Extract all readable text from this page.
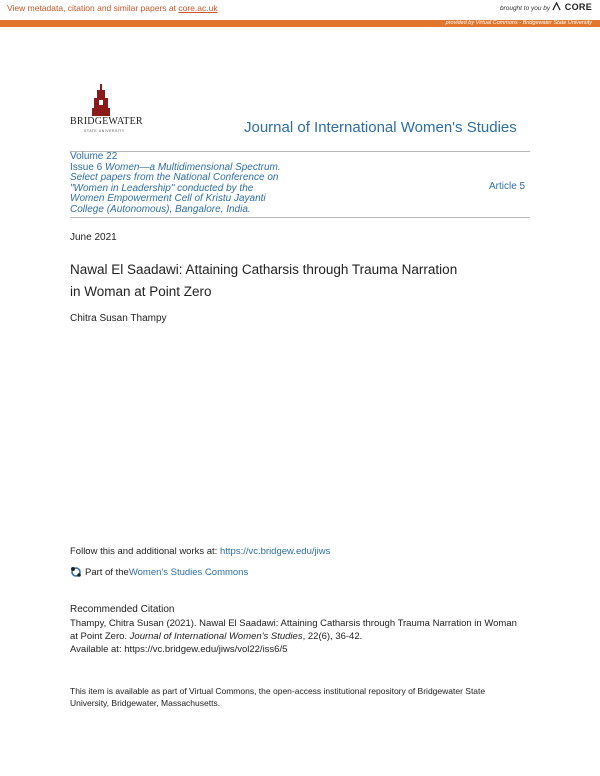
View metadata, citation and similar papers at core.ac.uk	brought to you by CORE
provided by Virtual Commons - Bridgewater State University
BRIDGEWATER
STATE UNIVERSITY	Journal of International Women's Studies
Volume 22
Issue 6 Women—a Multidimensional Spectrum.
Select papers from the National Conference on
"Women in Leadership" conducted by the
Women Empowerment Cell of Kristu Jayanti
College (Autonomous), Bangalore, India.
Article 5
June 2021
Nawal El Saadawi: Attaining Catharsis through Trauma Narration
in Woman at Point Zero
Chitra Susan Thampy
Follow this and additional works at: https://vc.bridgew.edu/jiws
Part of the Women's Studies Commons
Recommended Citation
Thampy, Chitra Susan (2021). Nawal El Saadawi: Attaining Catharsis through Trauma Narration in Woman
at Point Zero. Journal of International Women's Studies, 22(6), 36-42.
Available at: https://vc.bridgew.edu/jiws/vol22/iss6/5
This item is available as part of Virtual Commons, the open-access institutional repository of Bridgewater State
University, Bridgewater, Massachusetts.
